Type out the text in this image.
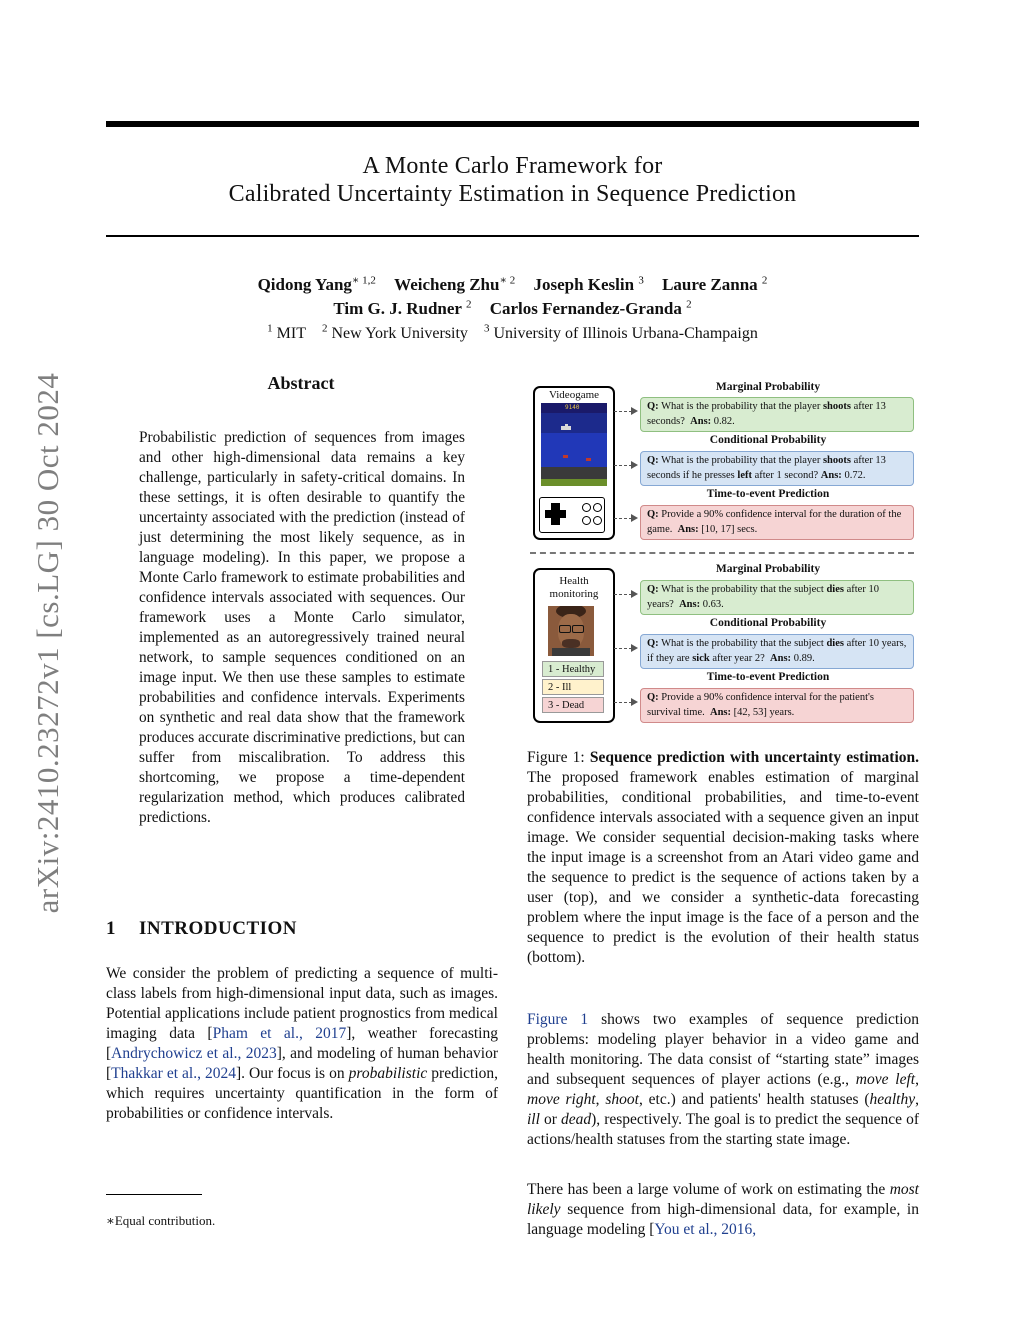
A Monte Carlo Framework for
Calibrated Uncertainty Estimation in Sequence Prediction
Qidong Yang$^{∗ 1,2}$ Weicheng Zhu$^{∗ 2}$ Joseph Keslin $^3$ Laure Zanna $^2$
Tim G. J. Rudner $^2$ Carlos Fernandez-Granda $^2$
$^1$ MIT $^2$ New York University $^3$ University of Illinois Urbana-Champaign
arXiv:2410.23272v1 [cs.LG] 30 Oct 2024	Abstract
Probabilistic prediction of sequences from images and other high-dimensional data remains a key challenge, particularly in safety-critical domains. In these settings, it is often desirable to quantify the uncertainty associated with the prediction (instead of just determining the most likely sequence, as in language modeling). In this paper, we propose a Monte Carlo framework to estimate probabilities and confidence intervals associated with sequences. Our framework uses a Monte Carlo simulator, implemented as an autoregressively trained neural network, to sample sequences conditioned on an image input. We then use these samples to estimate probabilities and confidence intervals. Experiments on synthetic and real data show that the framework produces accurate discriminative predictions, but can suffer from miscalibration. To address this shortcoming, we propose a time-dependent regularization method, which produces calibrated predictions.
1 INTRODUCTION
We consider the problem of predicting a sequence of multi-class labels from high-dimensional input data, such as images. Potential applications include patient prognostics from medical imaging data [Pham et al., 2017], weather forecasting [Andrychowicz et al., 2023], and modeling of human behavior [Thakkar et al., 2024]. Our focus is on probabilistic prediction, which requires uncertainty quantification in the form of probabilities or confidence intervals.
∗Equal contribution.
Videogame
9140
Marginal Probability
Q: What is the probability that the player shoots after 13 seconds? Ans: 0.82.
Conditional Probability
Q: What is the probability that the player shoots after 13 seconds if he presses left after 1 second? Ans: 0.72.
Time-to-event Prediction
Q: Provide a 90% confidence interval for the duration of the game. Ans: [10, 17] secs.
Health
monitoring
1 - Healthy
2 - Ill
3 - Dead
Marginal Probability
Q: What is the probability that the subject dies after 10 years? Ans: 0.63.
Conditional Probability
Q: What is the probability that the subject dies after 10 years, if they are sick after year 2? Ans: 0.89.
Time-to-event Prediction
Q: Provide a 90% confidence interval for the patient's survival time. Ans: [42, 53] years.
Figure 1: Sequence prediction with uncertainty estimation. The proposed framework enables estimation of marginal probabilities, conditional probabilities, and time-to-event confidence intervals associated with a sequence given an input image. We consider sequential decision-making tasks where the input image is a screenshot from an Atari video game and the sequence to predict is the sequence of actions taken by a user (top), and we consider a synthetic-data forecasting problem where the input image is the face of a person and the sequence to predict is the evolution of their health status (bottom).
Figure 1 shows two examples of sequence prediction problems: modeling player behavior in a video game and health monitoring. The data consist of “starting state” images and subsequent sequences of player actions (e.g., move left, move right, shoot, etc.) and patients' health statuses (healthy, ill or dead), respectively. The goal is to predict the sequence of actions/health statuses from the starting state image.
There has been a large volume of work on estimating the most likely sequence from high-dimensional data, for example, in language modeling [You et al., 2016,
